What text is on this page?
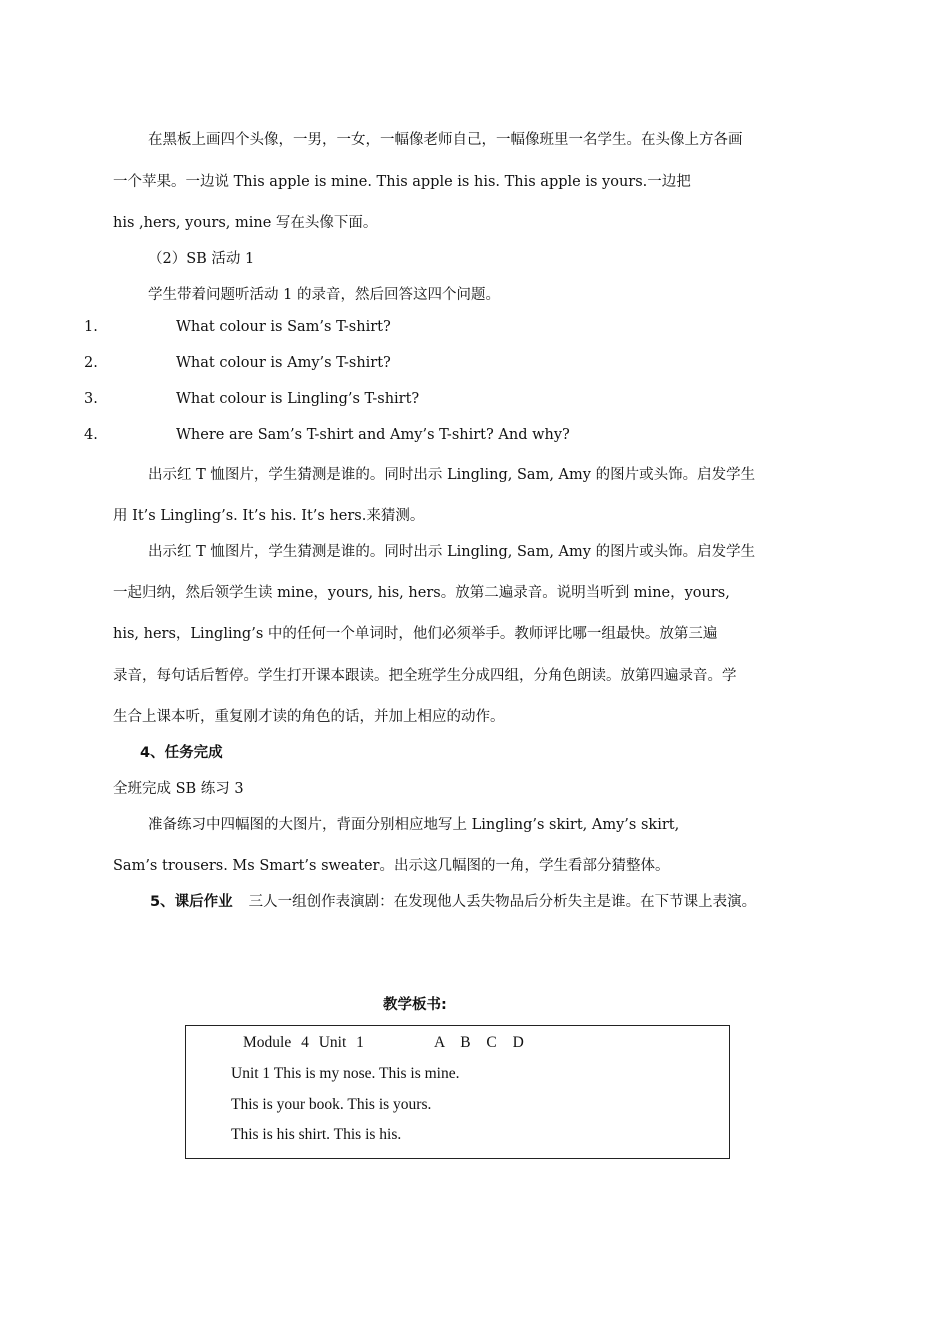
在黑板上画四个头像，一男，一女，一幅像老师自己，一幅像班里一名学生。在头像上方各画
一个苹果。一边说 This apple is mine. This apple is his. This apple is yours.一边把
his ,hers, yours, mine 写在头像下面。
（2）SB 活动 1
学生带着问题听活动 1 的录音，然后回答这四个问题。
1.	What colour is Sam’s T-shirt?
2.	What colour is Amy’s T-shirt?
3.	What colour is Lingling’s T-shirt?
4.	Where are Sam’s T-shirt and Amy’s T-shirt? And why?
出示红 T 恤图片，学生猜测是谁的。同时出示 Lingling, Sam, Amy 的图片或头饰。启发学生
用 It’s Lingling’s. It’s his. It’s hers.来猜测。
出示红 T 恤图片，学生猜测是谁的。同时出示 Lingling, Sam, Amy 的图片或头饰。启发学生
一起归纳，然后领学生读 mine，yours, his, hers。放第二遍录音。说明当听到 mine，yours,
his, hers，Lingling’s 中的任何一个单词时，他们必须举手。教师评比哪一组最快。放第三遍
录音，每句话后暂停。学生打开课本跟读。把全班学生分成四组，分角色朗读。放第四遍录音。学
生合上课本听，重复刚才读的角色的话，并加上相应的动作。
4、任务完成
全班完成 SB 练习 3
准备练习中四幅图的大图片，背面分别相应地写上 Lingling’s skirt, Amy’s skirt,
Sam’s trousers. Ms Smart’s sweater。出示这几幅图的一角，学生看部分猜整体。
5、课后作业 三人一组创作表演剧：在发现他人丢失物品后分析失主是谁。在下节课上表演。
教学板书:
Module 4 Unit 1	A B C D
Unit 1 This is my nose. This is mine.
This is your book. This is yours.
This is his shirt. This is his.
